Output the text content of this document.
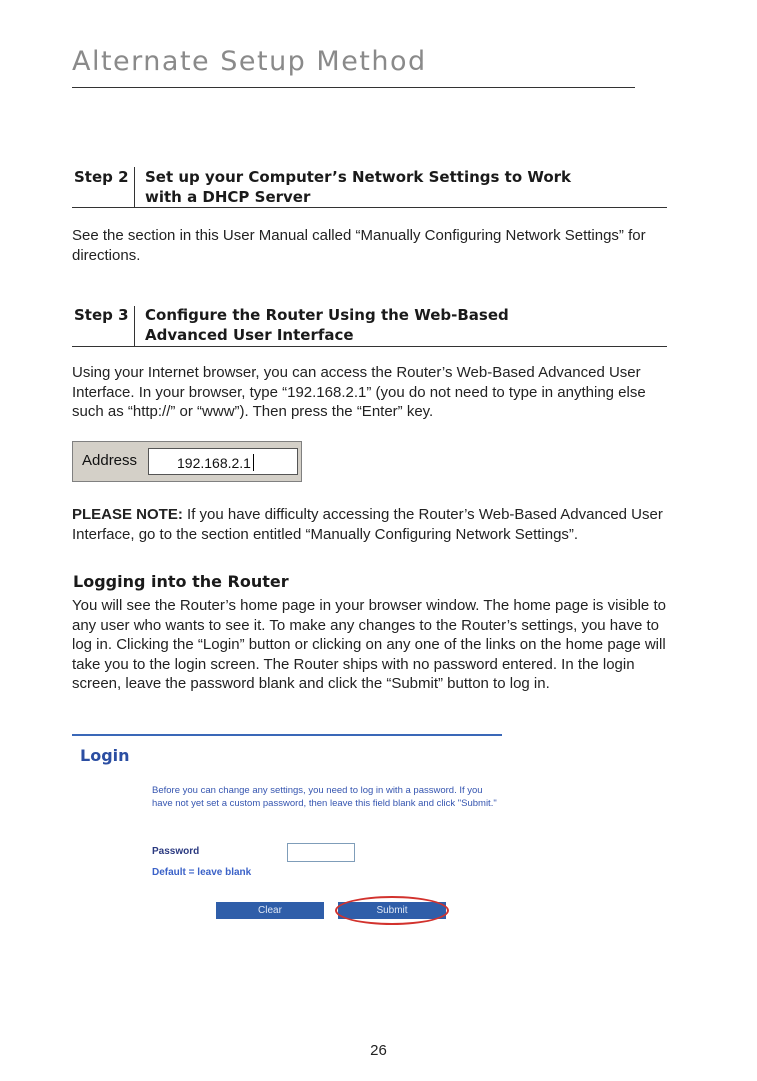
Alternate Setup Method
Step 2 Set up your Computer’s Network Settings to Work
with a DHCP Server
See the section in this User Manual called “Manually Configuring Network Settings” for directions.
Step 3 Configure the Router Using the Web-Based
Advanced User Interface
Using your Internet browser, you can access the Router’s Web-Based Advanced User Interface. In your browser, type “192.168.2.1” (you do not need to type in anything else such as “http://” or “www”). Then press the “Enter” key.
Address	192.168.2.1
PLEASE NOTE: If you have difficulty accessing the Router’s Web-Based Advanced User Interface, go to the section entitled “Manually Configuring Network Settings”.
Logging into the Router
You will see the Router’s home page in your browser window. The home page is visible to any user who wants to see it. To make any changes to the Router’s settings, you have to log in. Clicking the “Login” button or clicking on any one of the links on the home page will take you to the login screen. The Router ships with no password entered. In the login screen, leave the password blank and click the “Submit” button to log in.
Login
Before you can change any settings, you need to log in with a password. If you have not yet set a custom password, then leave this field blank and click "Submit."
Password
Default = leave blank
Clear	Submit
26
